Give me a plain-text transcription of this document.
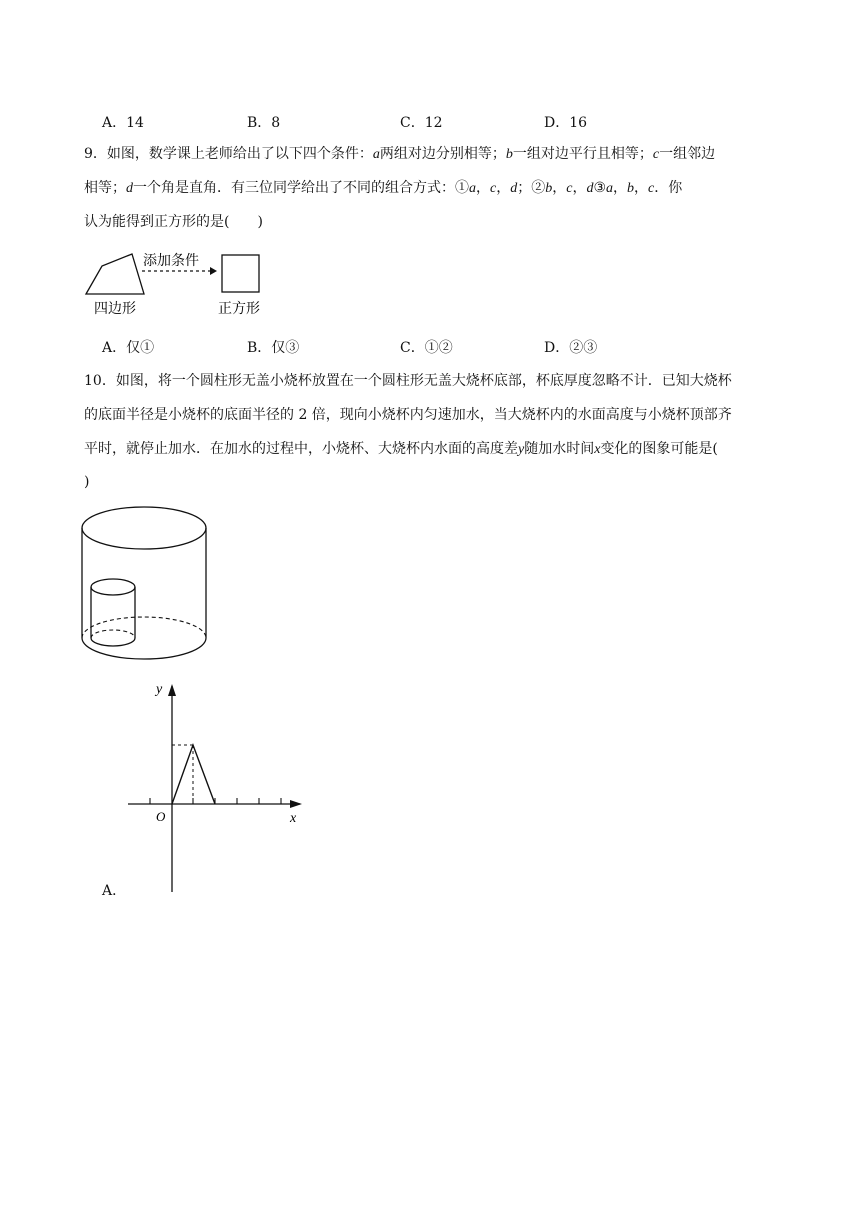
A．14	B．8	C．12	D．16
9．如图，数学课上老师给出了以下四个条件：a两组对边分别相等；b一组对边平行且相等；c一组邻边
相等；d一个角是直角．有三位同学给出了不同的组合方式：①a，c，d；②b，c，d③a，b，c．你
认为能得到正方形的是(　　)
添加条件
四边形	正方形
A．仅①	B．仅③	C．①②	D．②③
10．如图，将一个圆柱形无盖小烧杯放置在一个圆柱形无盖大烧杯底部，杯底厚度忽略不计．已知大烧杯
的底面半径是小烧杯的底面半径的 2 倍，现向小烧杯内匀速加水，当大烧杯内的水面高度与小烧杯顶部齐
平时，就停止加水．在加水的过程中，小烧杯、大烧杯内水面的高度差y随加水时间x变化的图象可能是(
)
y
x
O
A．
